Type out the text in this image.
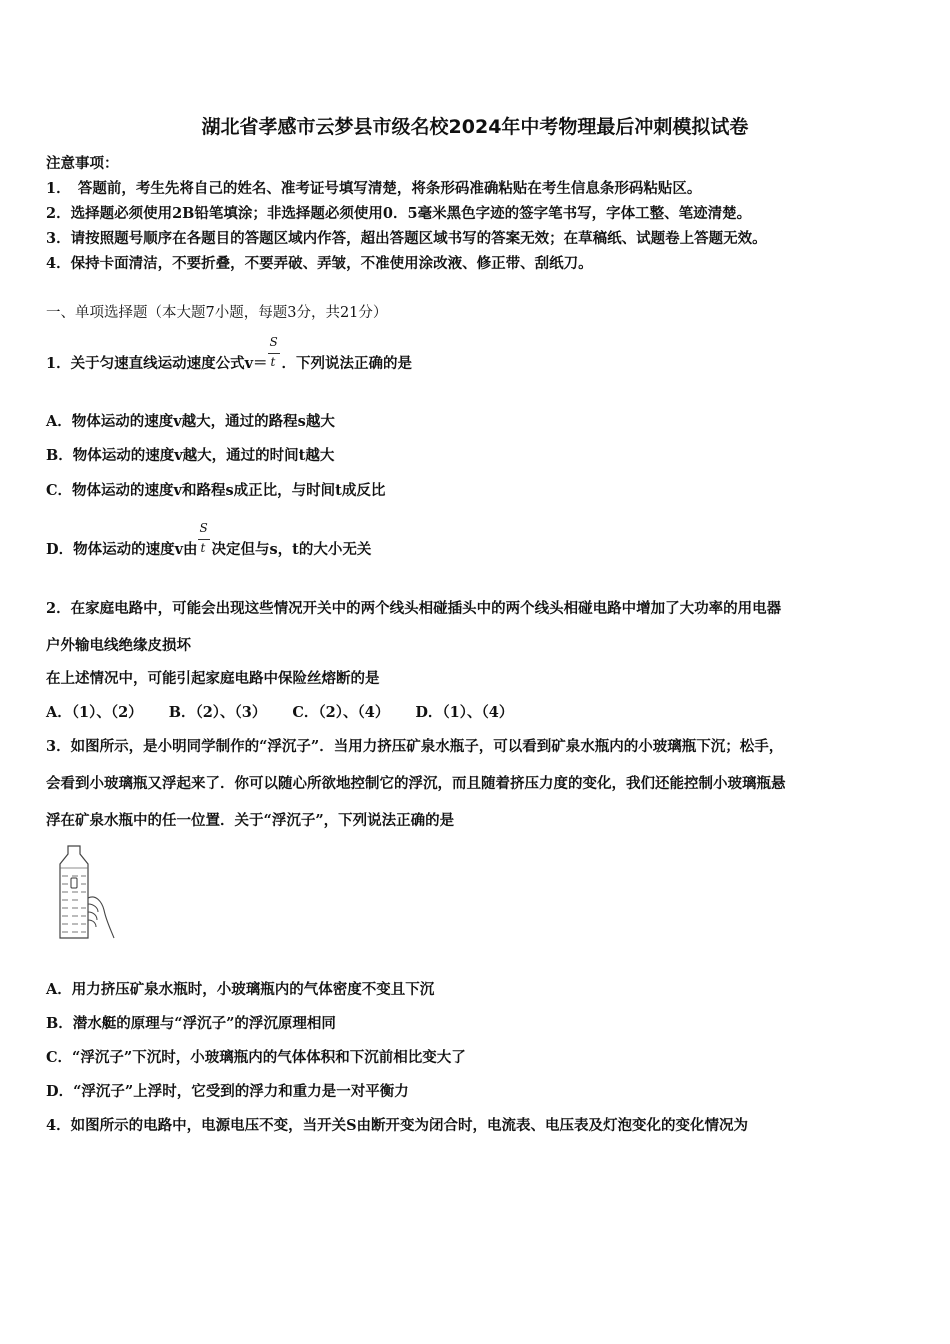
湖北省孝感市云梦县市级名校2024年中考物理最后冲刺模拟试卷
注意事项：
1．　答题前，考生先将自己的姓名、准考证号填写清楚，将条形码准确粘贴在考生信息条形码粘贴区。
2．选择题必须使用2B铅笔填涂；非选择题必须使用0．5毫米黑色字迹的签字笔书写，字体工整、笔迹清楚。
3．请按照题号顺序在各题目的答题区域内作答，超出答题区域书写的答案无效；在草稿纸、试题卷上答题无效。
4．保持卡面清洁，不要折叠，不要弄破、弄皱，不准使用涂改液、修正带、刮纸刀。
一、单项选择题（本大题7小题，每题3分，共21分）
1．关于匀速直线运动速度公式$v= \frac{S}{t}$ ．下列说法正确的是
A．物体运动的速度v越大，通过的路程s越大
B．物体运动的速度v越大，通过的时间t越大
C．物体运动的速度v和路程s成正比，与时间t成反比
D．物体运动的速度v由 $\frac{S}{t}$ 决定但与s，t的大小无关
2．在家庭电路中，可能会出现这些情况开关中的两个线头相碰插头中的两个线头相碰电路中增加了大功率的用电器
户外输电线绝缘皮损坏
在上述情况中，可能引起家庭电路中保险丝熔断的是
A．（1）、（2） B．（2）、（3） C．（2）、（4） D．（1）、（4）
3．如图所示，是小明同学制作的“浮沉子”．当用力挤压矿泉水瓶子，可以看到矿泉水瓶内的小玻璃瓶下沉；松手，
会看到小玻璃瓶又浮起来了．你可以随心所欲地控制它的浮沉，而且随着挤压力度的变化，我们还能控制小玻璃瓶悬
浮在矿泉水瓶中的任一位置．关于“浮沉子”，下列说法正确的是
A．用力挤压矿泉水瓶时，小玻璃瓶内的气体密度不变且下沉
B．潜水艇的原理与“浮沉子”的浮沉原理相同
C．“浮沉子”下沉时，小玻璃瓶内的气体体积和下沉前相比变大了
D．“浮沉子”上浮时，它受到的浮力和重力是一对平衡力
4．如图所示的电路中，电源电压不变，当开关S由断开变为闭合时，电流表、电压表及灯泡变化的变化情况为
